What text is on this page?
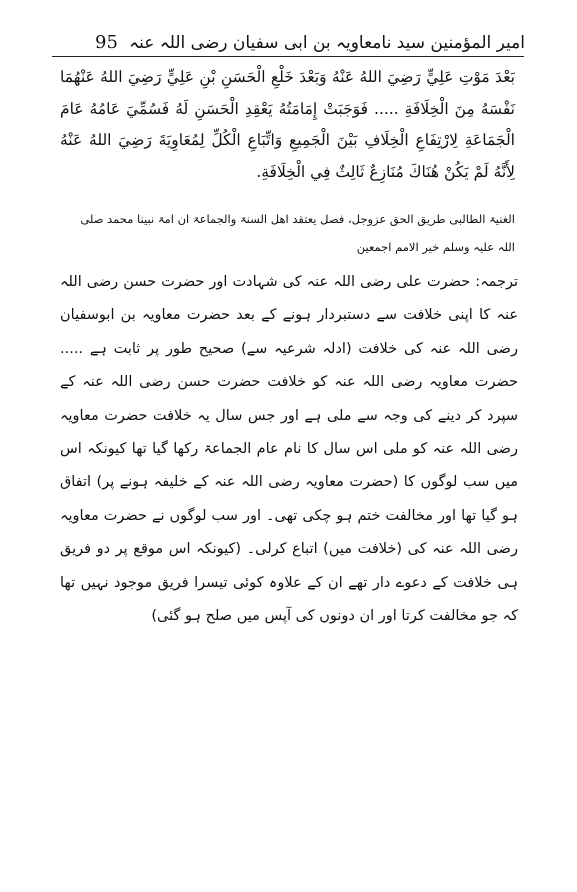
امیر المؤمنین سید نامعاویہ بن ابی سفیان رضی اللہ عنہ
95

بَعْدَ مَوْتِ عَلِيٍّ رَضِيَ اللهُ عَنْهُ وَبَعْدَ خَلْعِ الْحَسَنِ بْنِ عَلِيٍّ رَضِيَ اللهُ عَنْهُمَا نَفْسَهُ مِنَ الْخِلَافَةِ ..... فَوَجَبَتْ إِمَامَتُهُ يَعْقِدِ الْحَسَنِ لَهُ فَسُمِّيَ عَامُهُ عَامَ الْجَمَاعَةِ لِارْتِفَاعِ الْخِلَافِ بَيْنَ الْجَمِيعِ وَاتِّبَاعِ الْكُلِّ لِمُعَاوِيَةَ رَضِيَ اللهُ عَنْهُ لِأَنَّهُ لَمْ يَكُنْ هُنَاكَ مُنَازِعٌ ثَالِثٌ فِي الْخِلَافَةِ.

الغنیۃ الطالبی طریق الحق عزوجل، فصل یعتقد اھل السنۃ والجماعۃ ان امۃ نبینا محمد صلی اللہ علیہ وسلم خیر الامم اجمعین

ترجمہ: حضرت علی رضی اللہ عنہ کی شہادت اور حضرت حسن رضی اللہ عنہ کا اپنی خلافت سے دستبردار ہونے کے بعد حضرت معاویہ بن ابوسفیان رضی اللہ عنہ کی خلافت (ادلہ شرعیہ سے) صحیح طور پر ثابت ہے ..... حضرت معاویہ رضی اللہ عنہ کو خلافت حضرت حسن رضی اللہ عنہ کے سپرد کر دینے کی وجہ سے ملی ہے اور جس سال یہ خلافت حضرت معاویہ رضی اللہ عنہ کو ملی اس سال کا نام عام الجماعۃ رکھا گیا تھا کیونکہ اس میں سب لوگوں کا (حضرت معاویہ رضی اللہ عنہ کے خلیفہ ہونے پر) اتفاق ہو گیا تھا اور مخالفت ختم ہو چکی تھی۔ اور سب لوگوں نے حضرت معاویہ رضی اللہ عنہ کی (خلافت میں) اتباع کرلی۔ (کیونکہ اس موقع پر دو فریق ہی خلافت کے دعوے دار تھے ان کے علاوہ کوئی تیسرا فریق موجود نہیں تھا کہ جو مخالفت کرتا اور ان دونوں کی آپس میں صلح ہو گئی)
